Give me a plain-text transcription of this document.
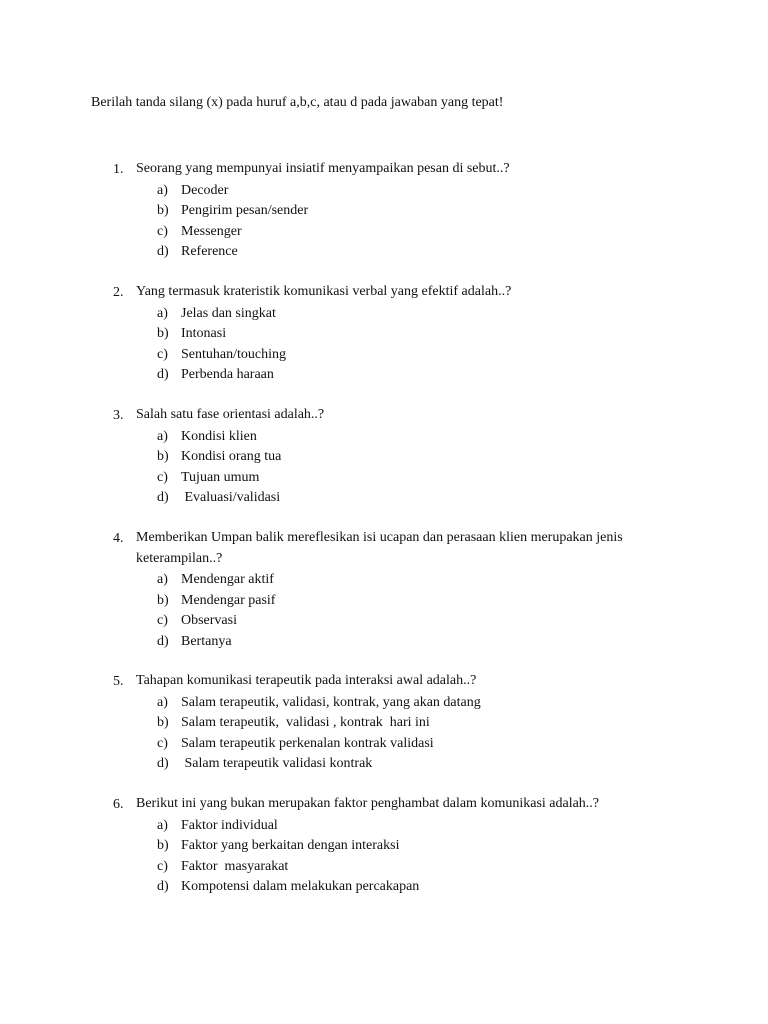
Berilah tanda silang (x) pada huruf a,b,c, atau d pada jawaban yang tepat!
1. Seorang yang mempunyai insiatif menyampaikan pesan di sebut..?
a) Decoder
b) Pengirim pesan/sender
c) Messenger
d) Reference
2. Yang termasuk krateristik komunikasi verbal yang efektif adalah..?
a) Jelas dan singkat
b) Intonasi
c) Sentuhan/touching
d) Perbenda haraan
3. Salah satu fase orientasi adalah..?
a) Kondisi klien
b) Kondisi orang tua
c) Tujuan umum
d) Evaluasi/validasi
4. Memberikan Umpan balik mereflesikan isi ucapan dan perasaan klien merupakan jenis keterampilan..?
a) Mendengar aktif
b) Mendengar pasif
c) Observasi
d) Bertanya
5. Tahapan komunikasi terapeutik pada interaksi awal adalah..?
a) Salam terapeutik, validasi, kontrak, yang akan datang
b) Salam terapeutik,  validasi , kontrak  hari ini
c) Salam terapeutik perkenalan kontrak validasi
d) Salam terapeutik validasi kontrak
6. Berikut ini yang bukan merupakan faktor penghambat dalam komunikasi adalah..?
a) Faktor individual
b) Faktor yang berkaitan dengan interaksi
c) Faktor  masyarakat
d) Kompotensi dalam melakukan percakapan
